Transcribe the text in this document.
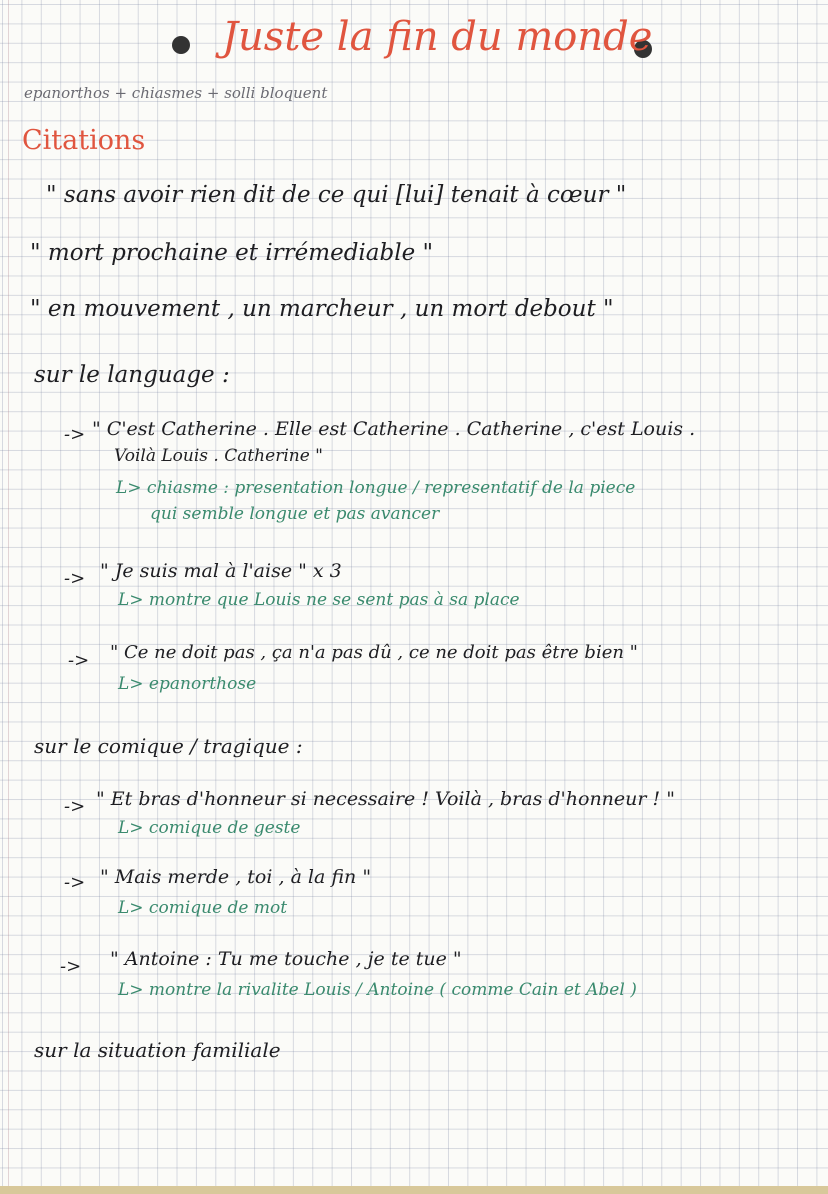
Juste la fin du monde
epanorthos + chiasmes + solli bloquent
Citations
" sans avoir rien dit de ce qui [lui] tenait à cœur "
" mort prochaine et irrémediable "
" en mouvement , un marcheur , un mort debout "
sur le language :
-> " C'est Catherine . Elle est Catherine . Catherine , c'est Louis .
Voilà Louis . Catherine "
L> chiasme : presentation longue / representatif de la piece
qui semble longue et pas avancer
-> " Je suis mal à l'aise " x 3
L> montre que Louis ne se sent pas à sa place
-> " Ce ne doit pas , ça n'a pas dû , ce ne doit pas être bien "
L> epanorthose
sur le comique / tragique :
-> " Et bras d'honneur si necessaire ! Voilà , bras d'honneur ! "
L> comique de geste
-> " Mais merde , toi , à la fin "
L> comique de mot
-> " Antoine : Tu me touche , je te tue "
L> montre la rivalite Louis / Antoine ( comme Cain et Abel )
sur la situation familiale
